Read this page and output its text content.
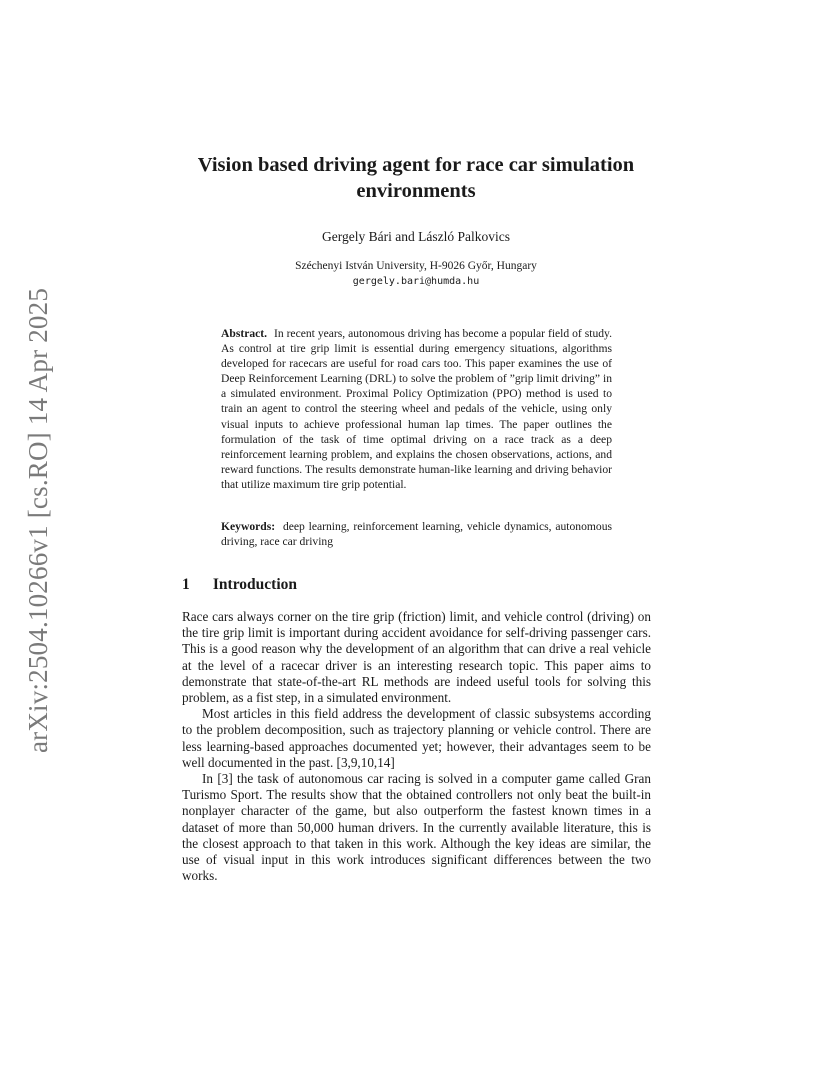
arXiv:2504.10266v1 [cs.RO] 14 Apr 2025
Vision based driving agent for race car simulation environments

Gergely Bári and László Palkovics

Széchenyi István University, H-9026 Győr, Hungary
gergely.bari@humda.hu

Abstract. In recent years, autonomous driving has become a popular field of study. As control at tire grip limit is essential during emergency situations, algorithms developed for racecars are useful for road cars too. This paper examines the use of Deep Reinforcement Learning (DRL) to solve the problem of ”grip limit driving” in a simulated environment. Proximal Policy Optimization (PPO) method is used to train an agent to control the steering wheel and pedals of the vehicle, using only visual inputs to achieve professional human lap times. The paper outlines the formulation of the task of time optimal driving on a race track as a deep reinforcement learning problem, and explains the chosen observations, actions, and reward functions. The results demonstrate human-like learning and driving behavior that utilize maximum tire grip potential.

Keywords: deep learning, reinforcement learning, vehicle dynamics, autonomous driving, race car driving

1 Introduction

Race cars always corner on the tire grip (friction) limit, and vehicle control (driving) on the tire grip limit is important during accident avoidance for self-driving passenger cars. This is a good reason why the development of an algorithm that can drive a real vehicle at the level of a racecar driver is an interesting research topic. This paper aims to demonstrate that state-of-the-art RL methods are indeed useful tools for solving this problem, as a fist step, in a simulated environment.

Most articles in this field address the development of classic subsystems according to the problem decomposition, such as trajectory planning or vehicle control. There are less learning-based approaches documented yet; however, their advantages seem to be well documented in the past. [3,9,10,14]

In [3] the task of autonomous car racing is solved in a computer game called Gran Turismo Sport. The results show that the obtained controllers not only beat the built-in nonplayer character of the game, but also outperform the fastest known times in a dataset of more than 50,000 human drivers. In the currently available literature, this is the closest approach to that taken in this work. Although the key ideas are similar, the use of visual input in this work introduces significant differences between the two works.
